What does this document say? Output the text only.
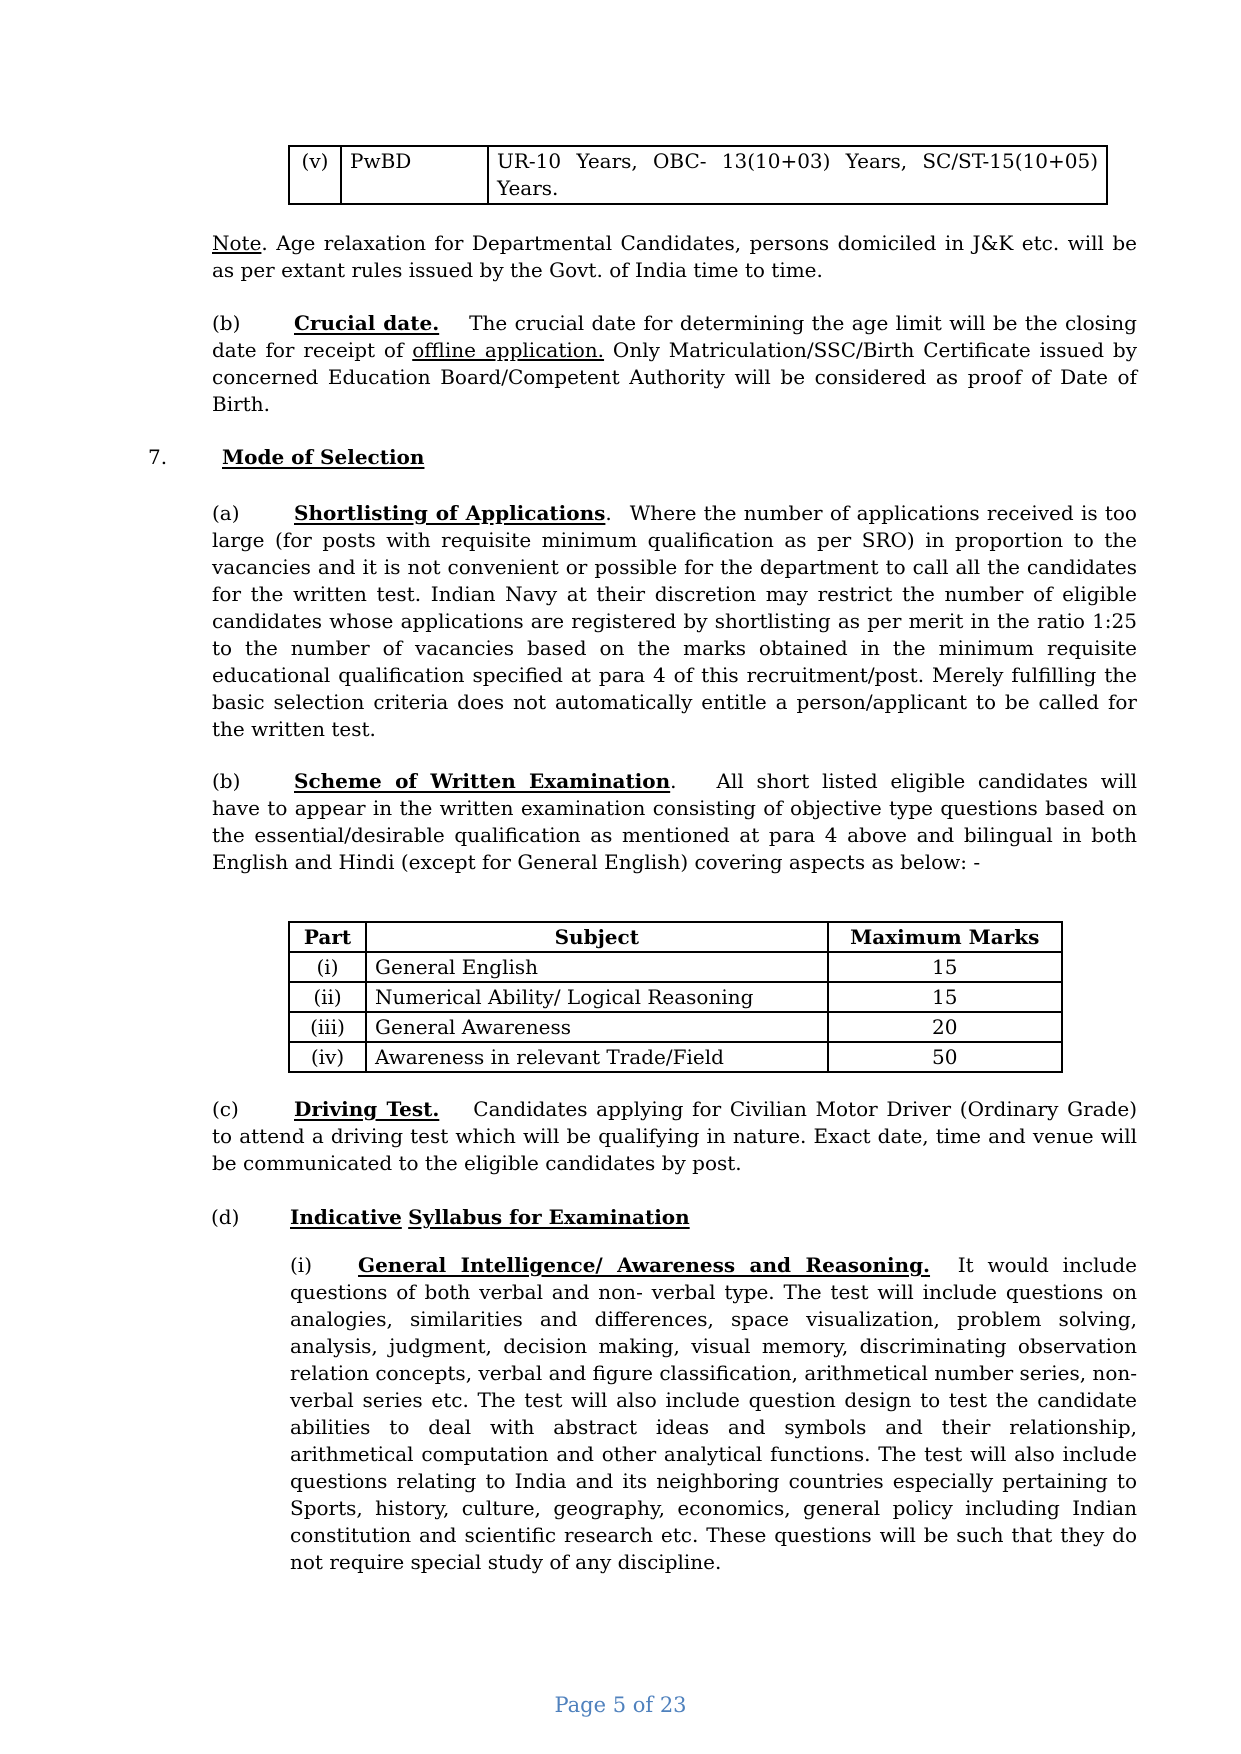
(v)	PwBD	UR-10 Years, OBC- 13(10+03) Years, SC/ST-15(10+05) Years.

Note. Age relaxation for Departmental Candidates, persons domiciled in J&K etc. will be as per extant rules issued by the Govt. of India time to time.

(b)	Crucial date. The crucial date for determining the age limit will be the closing date for receipt of offline application. Only Matriculation/SSC/Birth Certificate issued by concerned Education Board/Competent Authority will be considered as proof of Date of Birth.

7.	Mode of Selection

(a)	Shortlisting of Applications. Where the number of applications received is too large (for posts with requisite minimum qualification as per SRO) in proportion to the vacancies and it is not convenient or possible for the department to call all the candidates for the written test. Indian Navy at their discretion may restrict the number of eligible candidates whose applications are registered by shortlisting as per merit in the ratio 1:25 to the number of vacancies based on the marks obtained in the minimum requisite educational qualification specified at para 4 of this recruitment/post. Merely fulfilling the basic selection criteria does not automatically entitle a person/applicant to be called for the written test.

(b)	Scheme of Written Examination. All short listed eligible candidates will have to appear in the written examination consisting of objective type questions based on the essential/desirable qualification as mentioned at para 4 above and bilingual in both English and Hindi (except for General English) covering aspects as below: -

Part	Subject	Maximum Marks
(i)	General English	15
(ii)	Numerical Ability/ Logical Reasoning	15
(iii)	General Awareness	20
(iv)	Awareness in relevant Trade/Field	50

(c)	Driving Test. Candidates applying for Civilian Motor Driver (Ordinary Grade) to attend a driving test which will be qualifying in nature. Exact date, time and venue will be communicated to the eligible candidates by post.

(d)	Indicative Syllabus for Examination

(i) General Intelligence/ Awareness and Reasoning. It would include questions of both verbal and non- verbal type. The test will include questions on analogies, similarities and differences, space visualization, problem solving, analysis, judgment, decision making, visual memory, discriminating observation relation concepts, verbal and figure classification, arithmetical number series, non-verbal series etc. The test will also include question design to test the candidate abilities to deal with abstract ideas and symbols and their relationship, arithmetical computation and other analytical functions. The test will also include questions relating to India and its neighboring countries especially pertaining to Sports, history, culture, geography, economics, general policy including Indian constitution and scientific research etc. These questions will be such that they do not require special study of any discipline.

Page 5 of 23
